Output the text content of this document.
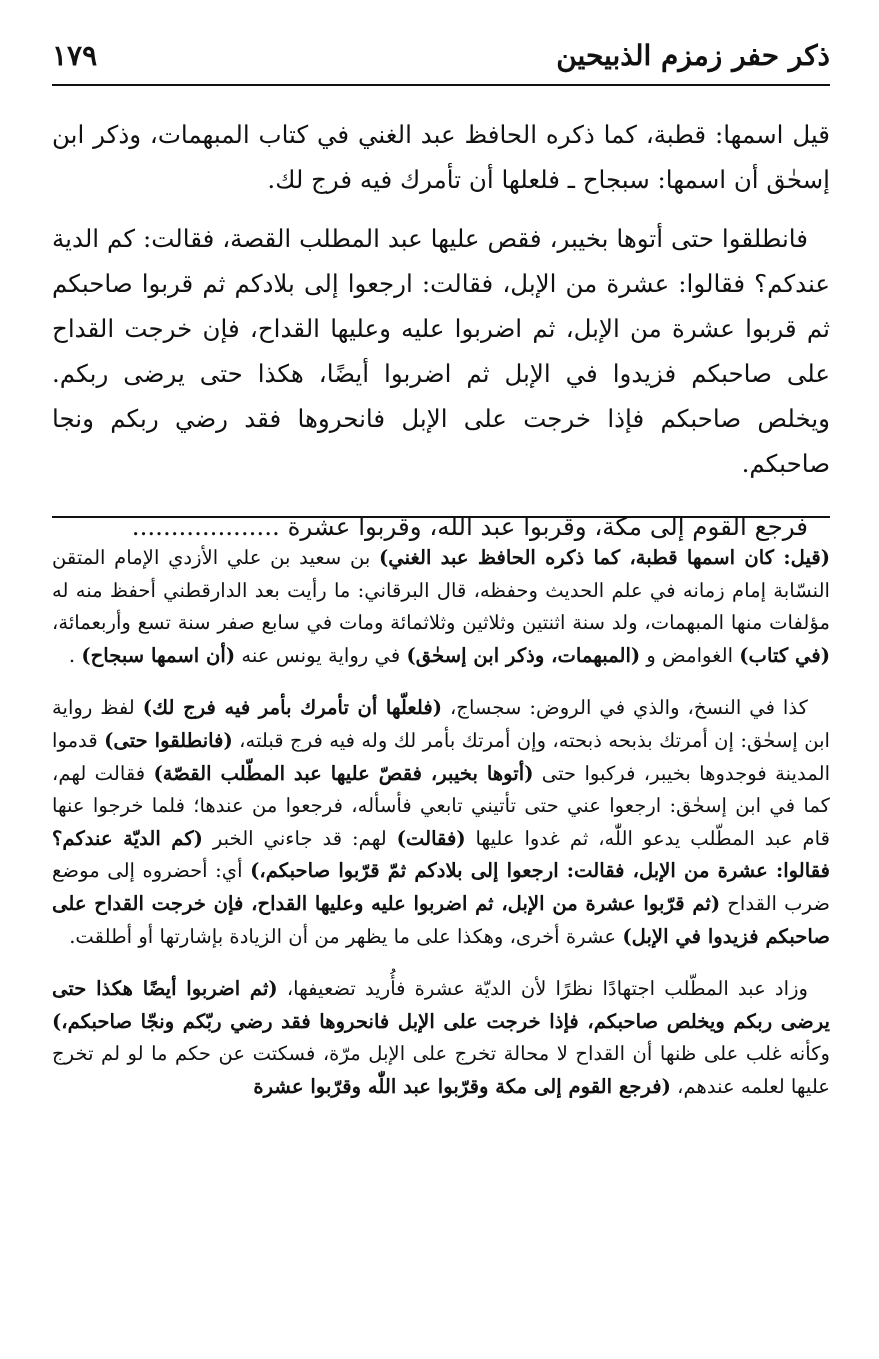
ذكر حفر زمزم الذبيحين
١٧٩

قيل اسمها: قطبة، كما ذكره الحافظ عبد الغني في كتاب المبهمات، وذكر ابن إسحٰق أن اسمها: سبجاح ـ فلعلها أن تأمرك فيه فرج لك.

فانطلقوا حتى أتوها بخيبر، فقص عليها عبد المطلب القصة، فقالت: كم الدية عندكم؟ فقالوا: عشرة من الإبل، فقالت: ارجعوا إلى بلادكم ثم قربوا صاحبكم ثم قربوا عشرة من الإبل، ثم اضربوا عليه وعليها القداح، فإن خرجت القداح على صاحبكم فزيدوا في الإبل ثم اضربوا أيضًا، هكذا حتى يرضى ربكم. ويخلص صاحبكم فإذا خرجت على الإبل فانحروها فقد رضي ربكم ونجا صاحبكم.

فرجع القوم إلى مكة، وقربوا عبد الله، وقربوا عشرة ...................

(قيل: كان اسمها قطبة، كما ذكره الحافظ عبد الغني) بن سعيد بن علي الأزدي الإمام المتقن النسّابة إمام زمانه في علم الحديث وحفظه، قال البرقاني: ما رأيت بعد الدارقطني أحفظ منه له مؤلفات منها المبهمات، ولد سنة اثنتين وثلاثين وثلاثمائة ومات في سابع صفر سنة تسع وأربعمائة، (في كتاب) الغوامض و (المبهمات، وذكر ابن إسحٰق) في رواية يونس عنه (أن اسمها سبجاح) .

كذا في النسخ، والذي في الروض: سجساج، (فلعلّها أن تأمرك بأمر فيه فرج لك) لفظ رواية ابن إسحٰق: إن أمرتك بذبحه ذبحته، وإن أمرتك بأمر لك وله فيه فرج قبلته، (فانطلقوا حتى) قدموا المدينة فوجدوها بخيبر، فركبوا حتى (أتوها بخيبر، فقصّ عليها عبد المطّلب القصّة) فقالت لهم، كما في ابن إسحٰق: ارجعوا عني حتى تأتيني تابعي فأسأله، فرجعوا من عندها؛ فلما خرجوا عنها قام عبد المطّلب يدعو اللّٰه، ثم غدوا عليها (فقالت) لهم: قد جاءني الخبر (كم الديّة عندكم؟ فقالوا: عشرة من الإبل، فقالت: ارجعوا إلى بلادكم ثمّ قرّبوا صاحبكم،) أي: أحضروه إلى موضع ضرب القداح (ثم قرّبوا عشرة من الإبل، ثم اضربوا عليه وعليها القداح، فإن خرجت القداح على صاحبكم فزيدوا في الإبل) عشرة أخرى، وهكذا على ما يظهر من أن الزيادة بإشارتها أو أطلقت.

وزاد عبد المطّلب اجتهادًا نظرًا لأن الديّة عشرة فأُريد تضعيفها، (ثم اضربوا أيضًا هكذا حتى يرضى ربكم ويخلص صاحبكم، فإذا خرجت على الإبل فانحروها فقد رضي ربّكم ونجّا صاحبكم،) وكأنه غلب على ظنها أن القداح لا محالة تخرج على الإبل مرّة، فسكتت عن حكم ما لو لم تخرج عليها لعلمه عندهم، (فرجع القوم إلى مكة وقرّبوا عبد اللّٰه وقرّبوا عشرة
